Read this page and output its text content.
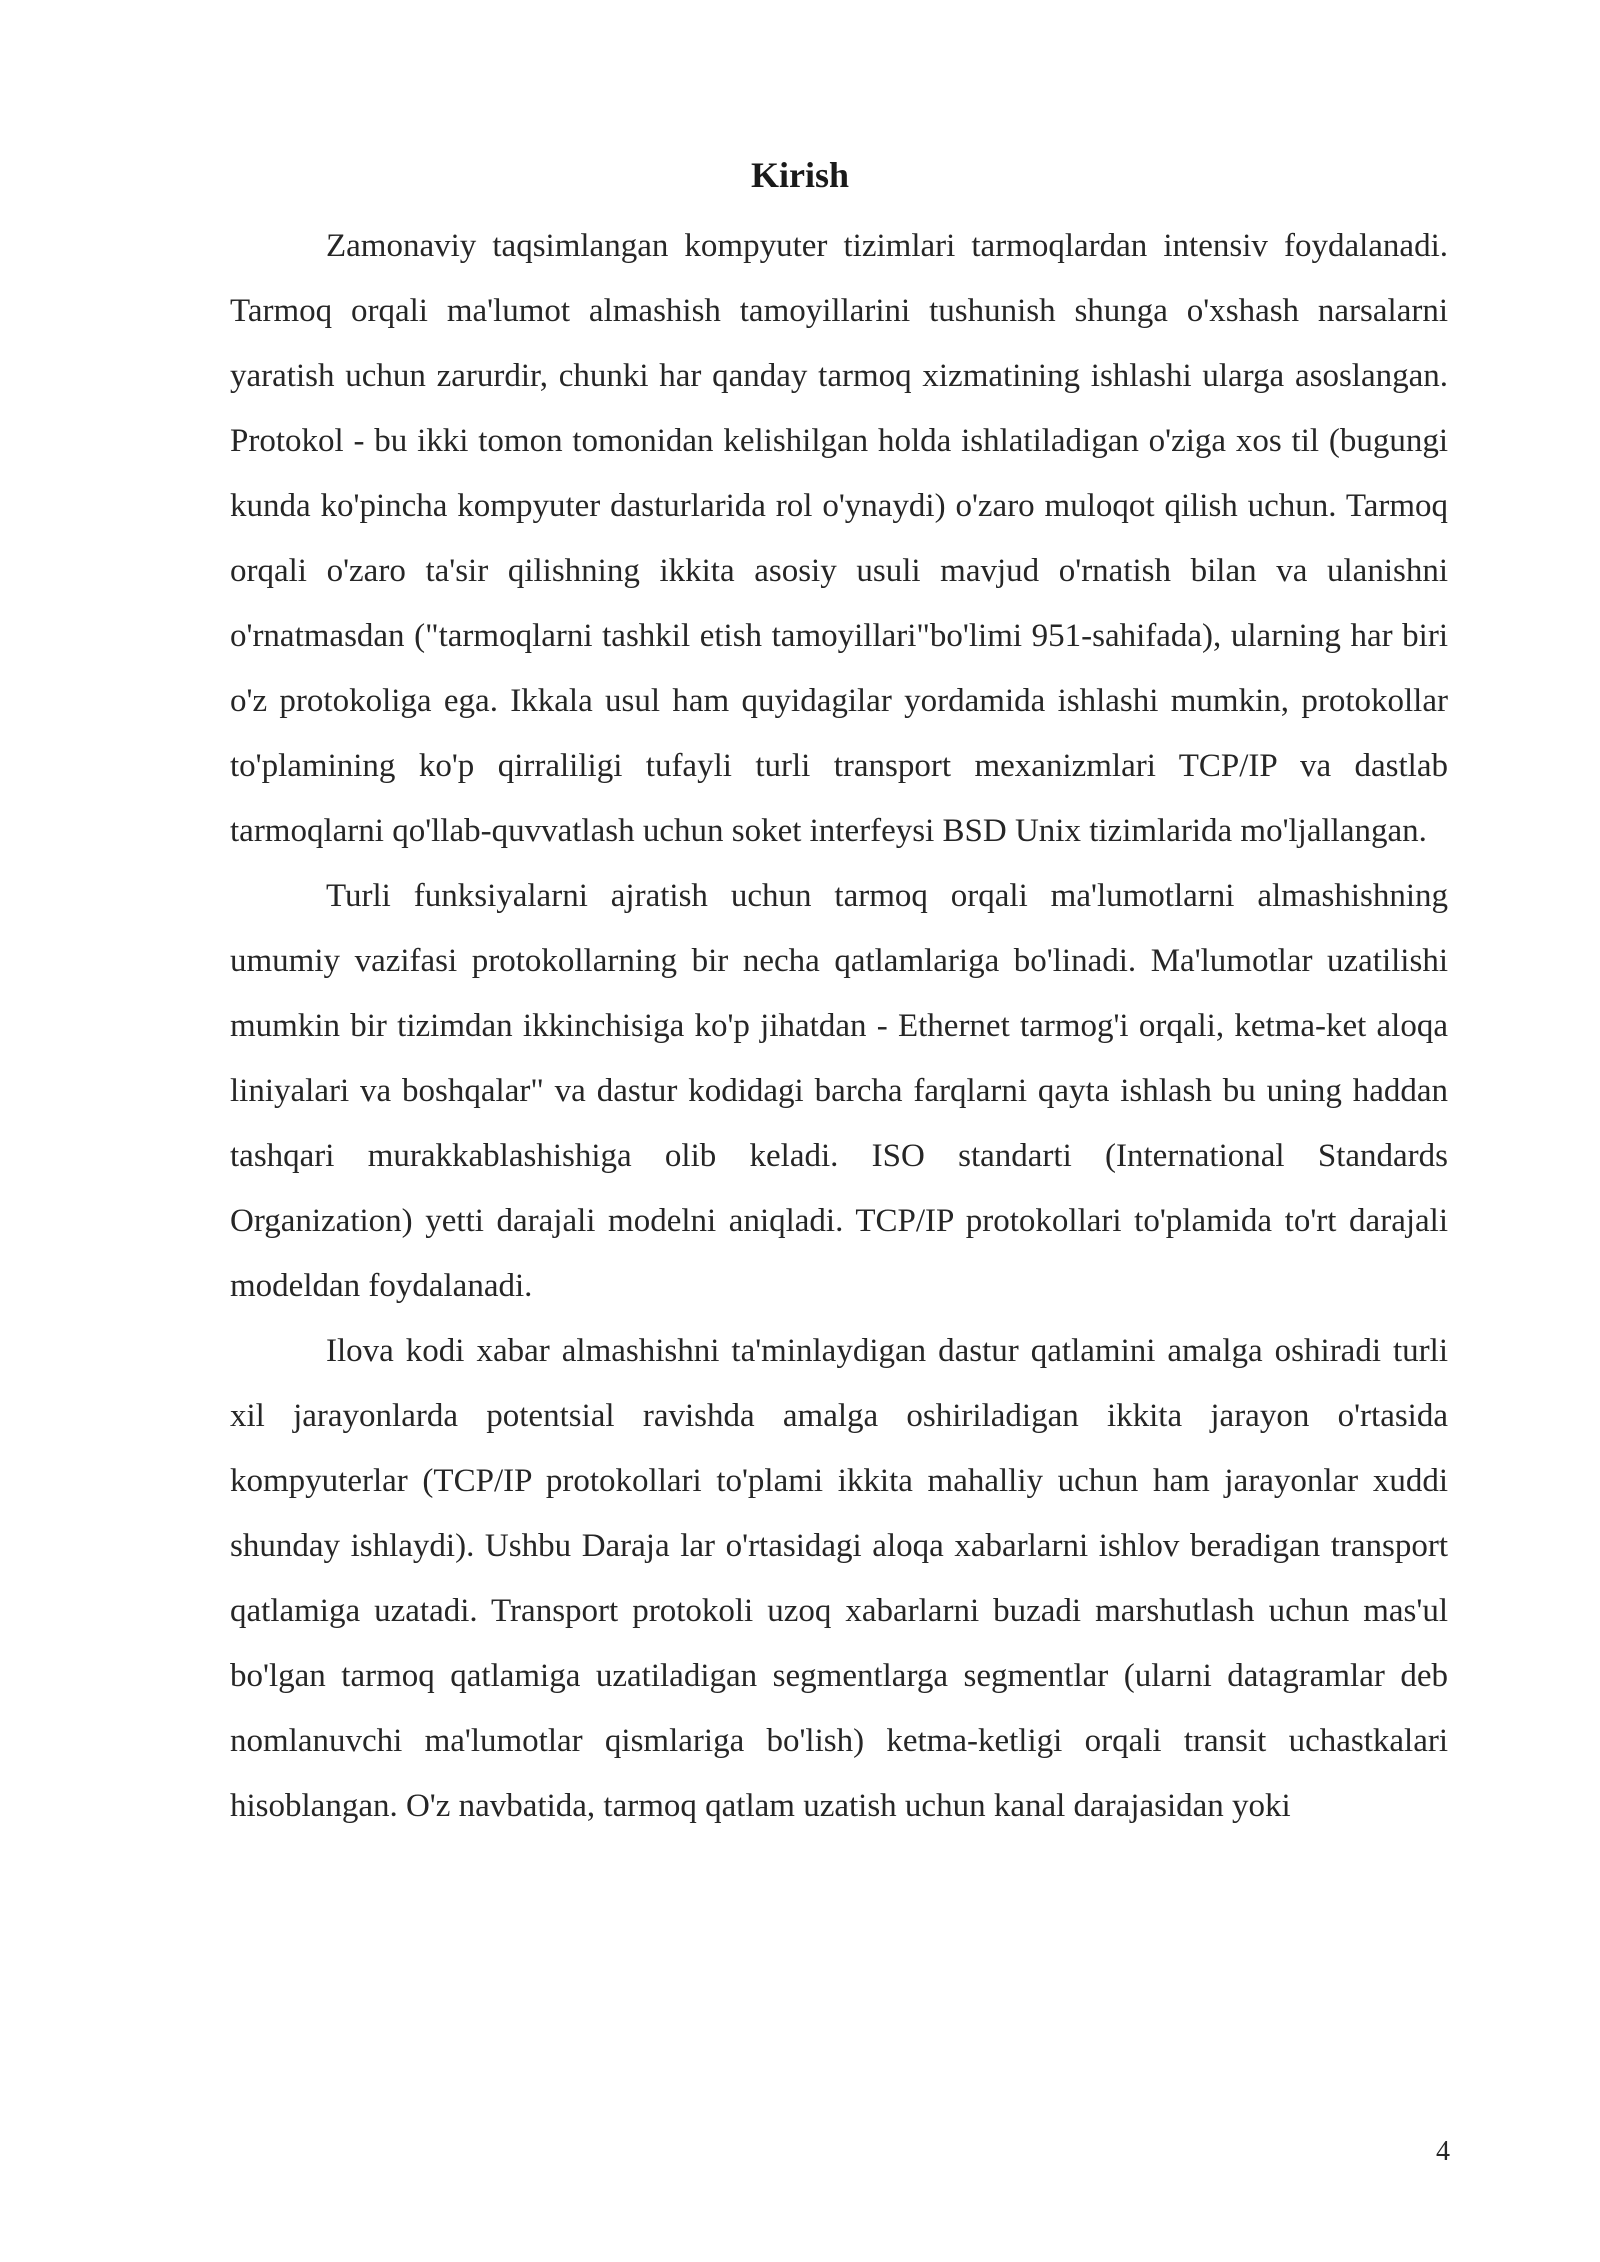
Kirish

Zamonaviy taqsimlangan kompyuter tizimlari tarmoqlardan intensiv foydalanadi. Tarmoq orqali ma'lumot almashish tamoyillarini tushunish shunga o'xshash narsalarni yaratish uchun zarurdir, chunki har qanday tarmoq xizmatining ishlashi ularga asoslangan. Protokol - bu ikki tomon tomonidan kelishilgan holda ishlatiladigan o'ziga xos til (bugungi kunda ko'pincha kompyuter dasturlarida rol o'ynaydi) o'zaro muloqot qilish uchun. Tarmoq orqali o'zaro ta'sir qilishning ikkita asosiy usuli mavjud o'rnatish bilan va ulanishni o'rnatmasdan ("tarmoqlarni tashkil etish tamoyillari"bo'limi 951-sahifada), ularning har biri o'z protokoliga ega. Ikkala usul ham quyidagilar yordamida ishlashi mumkin, protokollar to'plamining ko'p qirraliligi tufayli turli transport mexanizmlari TCP/IP va dastlab tarmoqlarni qo'llab-quvvatlash uchun soket interfeysi BSD Unix tizimlarida mo'ljallangan.

Turli funksiyalarni ajratish uchun tarmoq orqali ma'lumotlarni almashishning umumiy vazifasi protokollarning bir necha qatlamlariga bo'linadi. Ma'lumotlar uzatilishi mumkin bir tizimdan ikkinchisiga ko'p jihatdan - Ethernet tarmog'i orqali, ketma-ket aloqa liniyalari va boshqalar" va dastur kodidagi barcha farqlarni qayta ishlash bu uning haddan tashqari murakkablashishiga olib keladi. ISO standarti (International Standards Organization) yetti darajali modelni aniqladi. TCP/IP protokollari to'plamida to'rt darajali modeldan foydalanadi.

Ilova kodi xabar almashishni ta'minlaydigan dastur qatlamini amalga oshiradi turli xil jarayonlarda potentsial ravishda amalga oshiriladigan ikkita jarayon o'rtasida kompyuterlar (TCP/IP protokollari to'plami ikkita mahalliy uchun ham jarayonlar xuddi shunday ishlaydi). Ushbu Daraja lar o'rtasidagi aloqa xabarlarni ishlov beradigan transport qatlamiga uzatadi. Transport protokoli uzoq xabarlarni buzadi marshutlash uchun mas'ul bo'lgan tarmoq qatlamiga uzatiladigan segmentlarga segmentlar (ularni datagramlar deb nomlanuvchi ma'lumotlar qismlariga bo'lish) ketma-ketligi orqali transit uchastkalari hisoblangan. O'z navbatida, tarmoq qatlam uzatish uchun kanal darajasidan yoki

4
